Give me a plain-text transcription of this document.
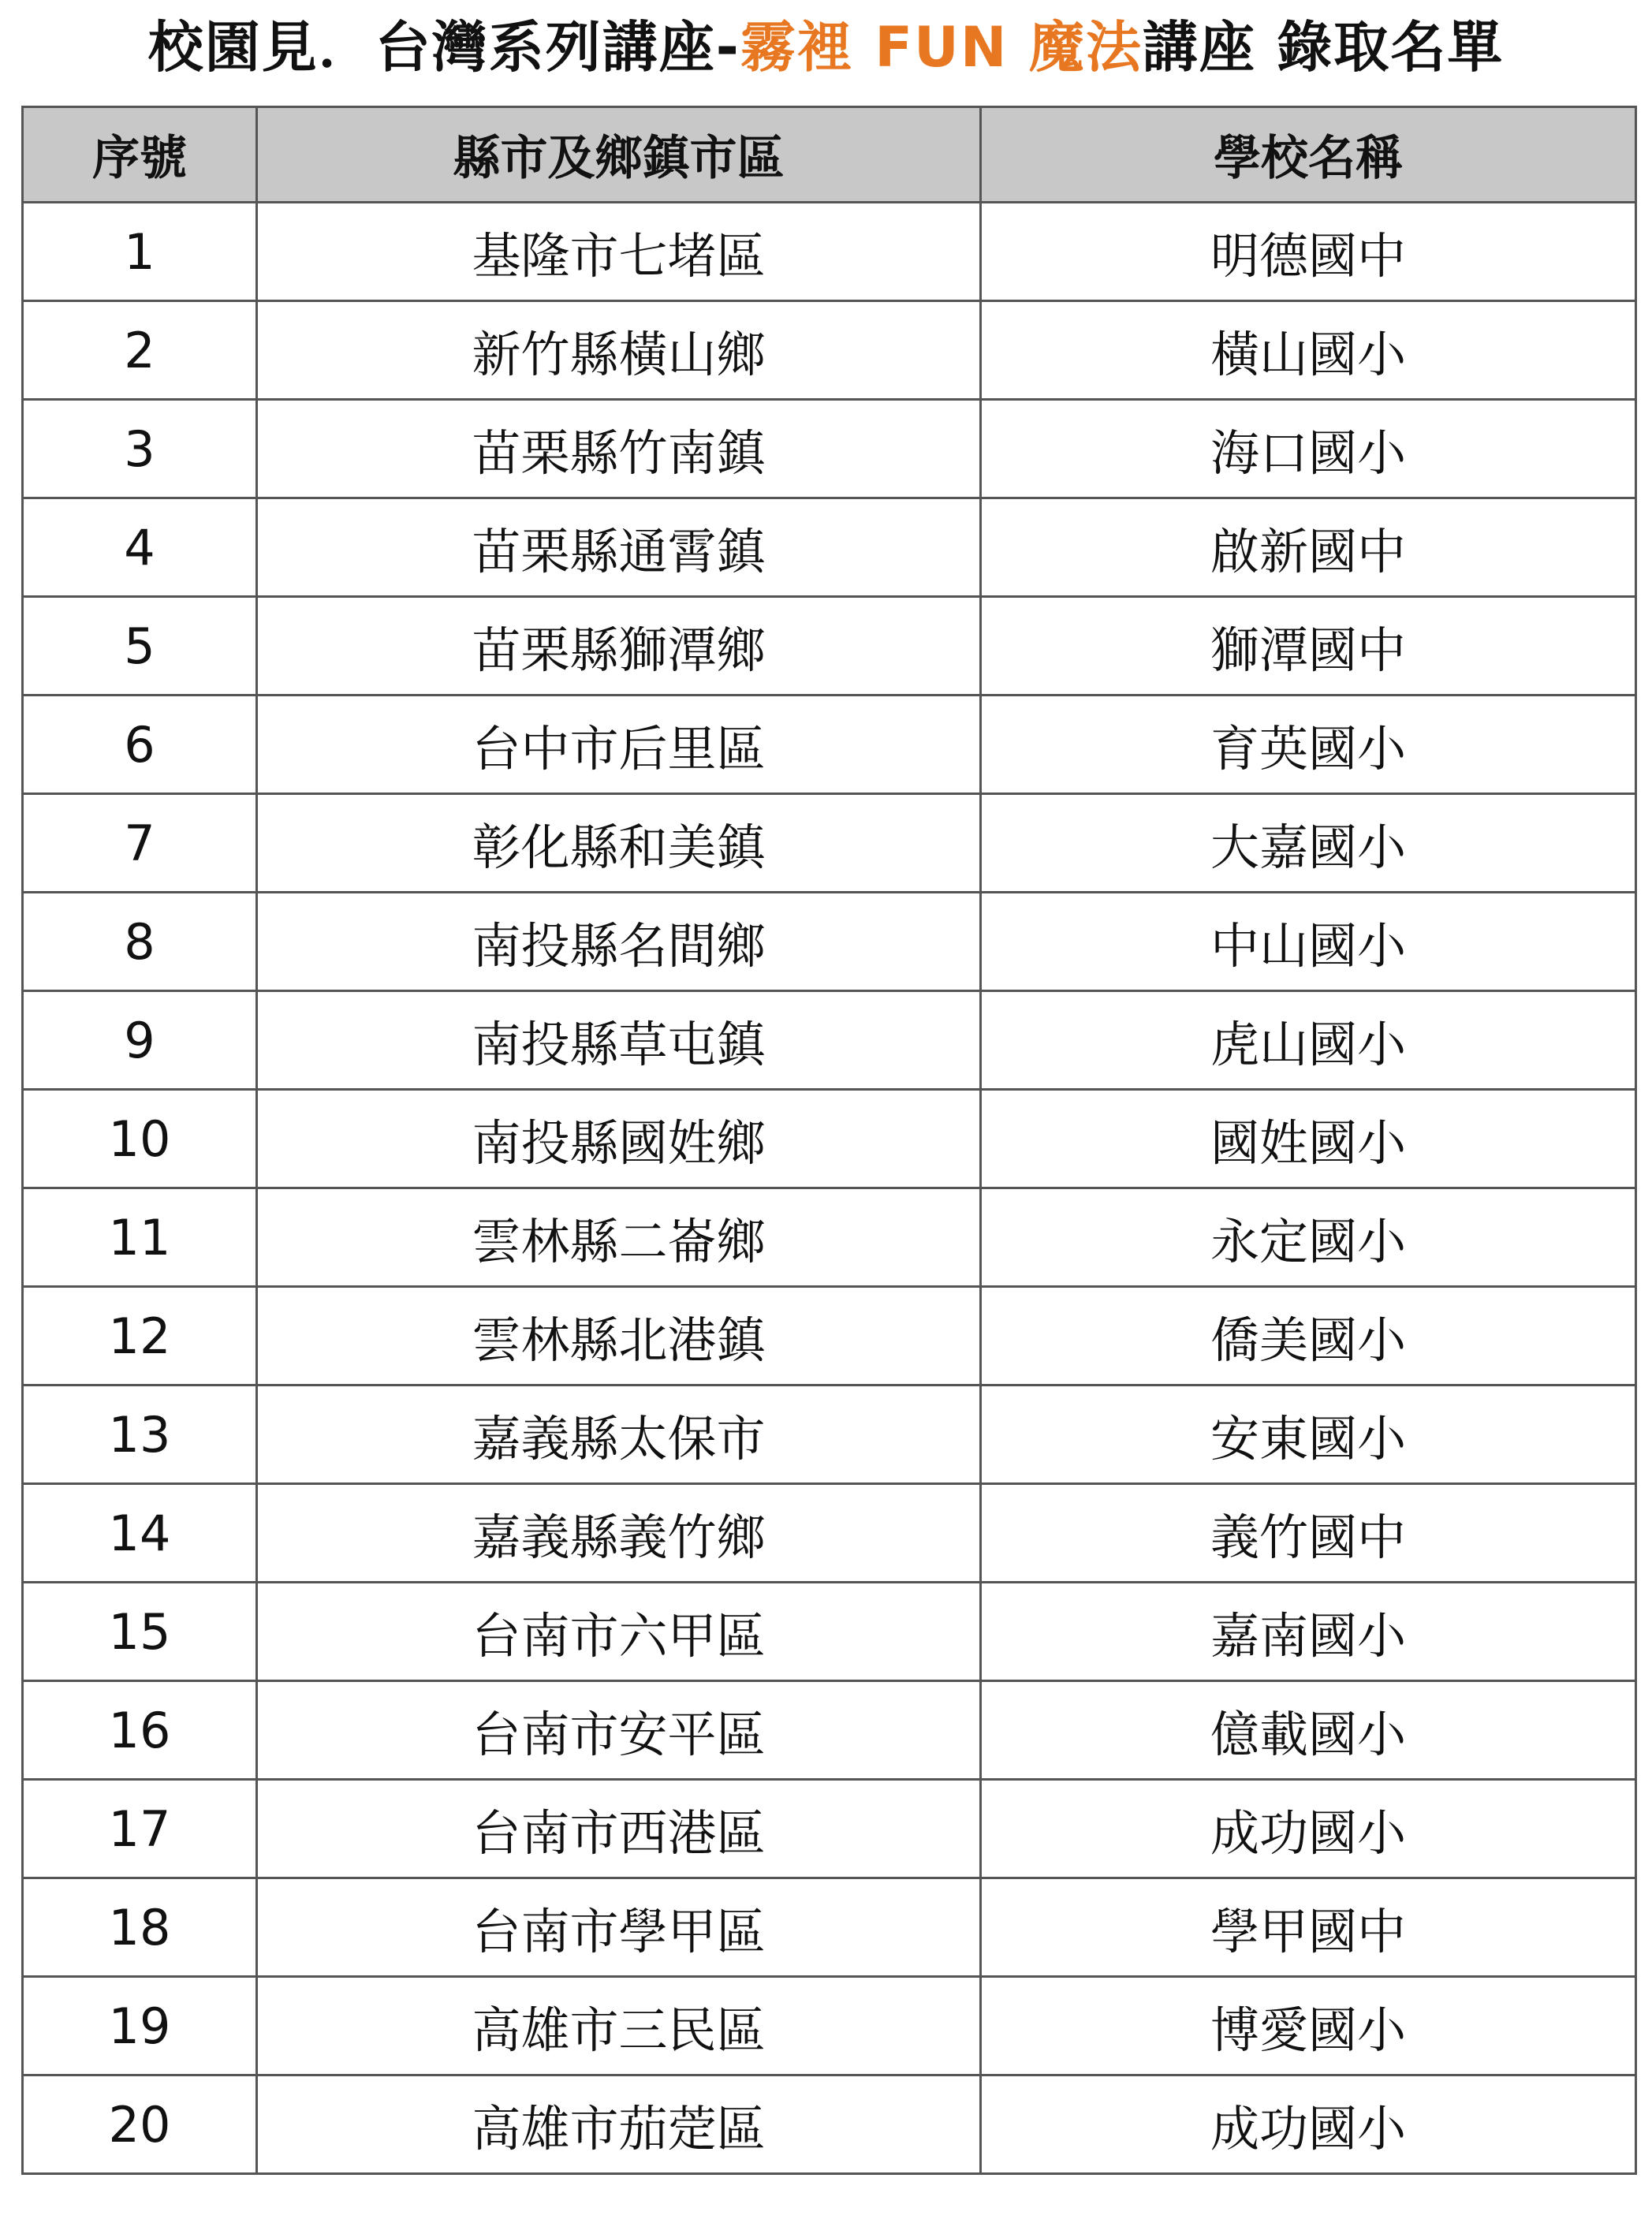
校園見．台灣系列講座-霧裡 FUN 魔法講座 錄取名單
序號	縣市及鄉鎮市區	學校名稱
1	基隆市七堵區	明德國中
2	新竹縣橫山鄉	橫山國小
3	苗栗縣竹南鎮	海口國小
4	苗栗縣通霄鎮	啟新國中
5	苗栗縣獅潭鄉	獅潭國中
6	台中市后里區	育英國小
7	彰化縣和美鎮	大嘉國小
8	南投縣名間鄉	中山國小
9	南投縣草屯鎮	虎山國小
10	南投縣國姓鄉	國姓國小
11	雲林縣二崙鄉	永定國小
12	雲林縣北港鎮	僑美國小
13	嘉義縣太保市	安東國小
14	嘉義縣義竹鄉	義竹國中
15	台南市六甲區	嘉南國小
16	台南市安平區	億載國小
17	台南市西港區	成功國小
18	台南市學甲區	學甲國中
19	高雄市三民區	博愛國小
20	高雄市茄萣區	成功國小
